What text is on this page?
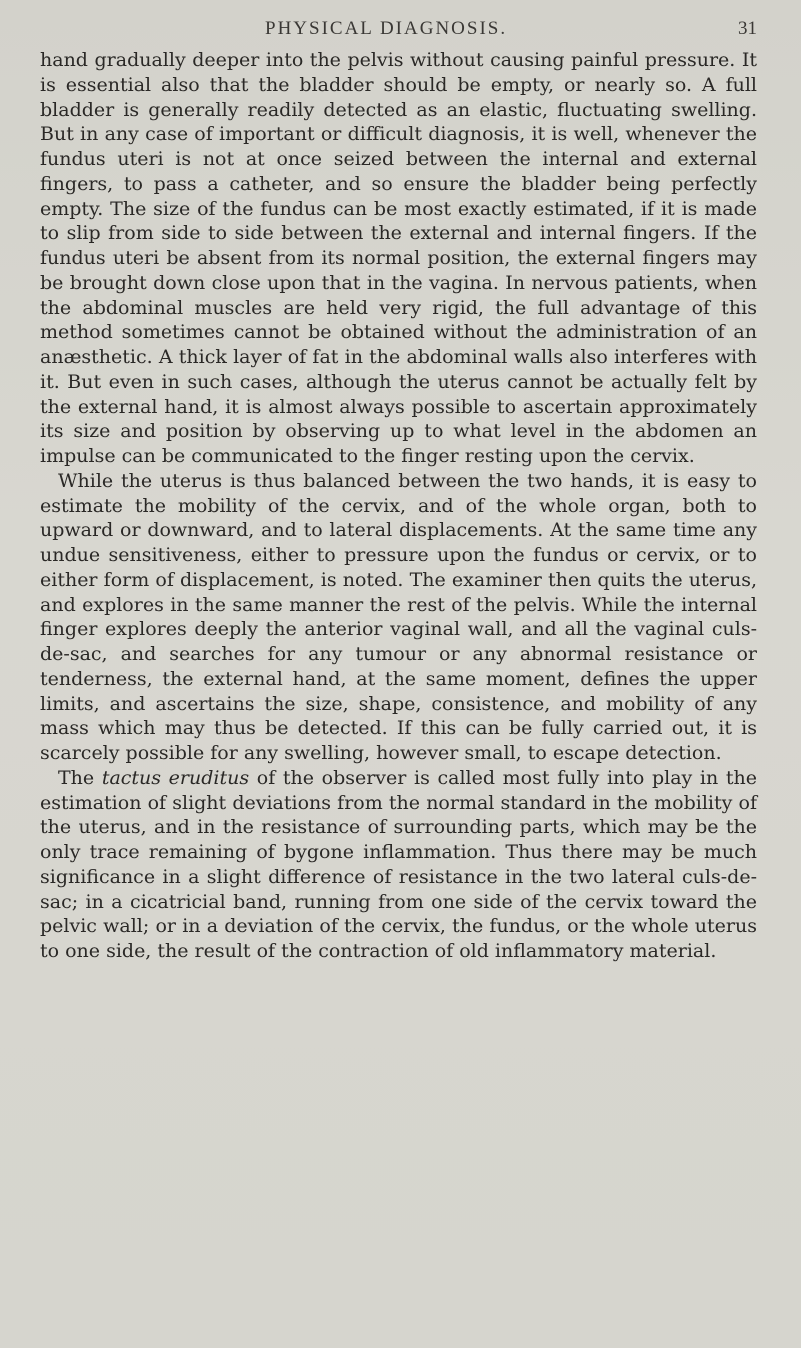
PHYSICAL DIAGNOSIS.	31

hand gradually deeper into the pelvis without causing painful pressure. It is essential also that the bladder should be empty, or nearly so. A full bladder is generally readily detected as an elastic, fluctuating swelling. But in any case of important or difficult diagnosis, it is well, whenever the fundus uteri is not at once seized between the internal and external fingers, to pass a catheter, and so ensure the bladder being perfectly empty. The size of the fundus can be most exactly estimated, if it is made to slip from side to side between the external and internal fingers. If the fundus uteri be absent from its normal position, the external fingers may be brought down close upon that in the vagina. In nervous patients, when the abdominal muscles are held very rigid, the full advantage of this method sometimes cannot be obtained without the administration of an anæsthetic. A thick layer of fat in the abdominal walls also interferes with it. But even in such cases, although the uterus cannot be actually felt by the external hand, it is almost always possible to ascertain approximately its size and position by observing up to what level in the abdomen an impulse can be communicated to the finger resting upon the cervix.

While the uterus is thus balanced between the two hands, it is easy to estimate the mobility of the cervix, and of the whole organ, both to upward or downward, and to lateral displacements. At the same time any undue sensitiveness, either to pressure upon the fundus or cervix, or to either form of displacement, is noted. The examiner then quits the uterus, and explores in the same manner the rest of the pelvis. While the internal finger explores deeply the anterior vaginal wall, and all the vaginal culs-de-sac, and searches for any tumour or any abnormal resistance or tenderness, the external hand, at the same moment, defines the upper limits, and ascertains the size, shape, consistence, and mobility of any mass which may thus be detected. If this can be fully carried out, it is scarcely possible for any swelling, however small, to escape detection.

The tactus eruditus of the observer is called most fully into play in the estimation of slight deviations from the normal standard in the mobility of the uterus, and in the resistance of surrounding parts, which may be the only trace remaining of bygone inflammation. Thus there may be much significance in a slight difference of resistance in the two lateral culs-de-sac; in a cicatricial band, running from one side of the cervix toward the pelvic wall; or in a deviation of the cervix, the fundus, or the whole uterus to one side, the result of the contraction of old inflammatory material.
